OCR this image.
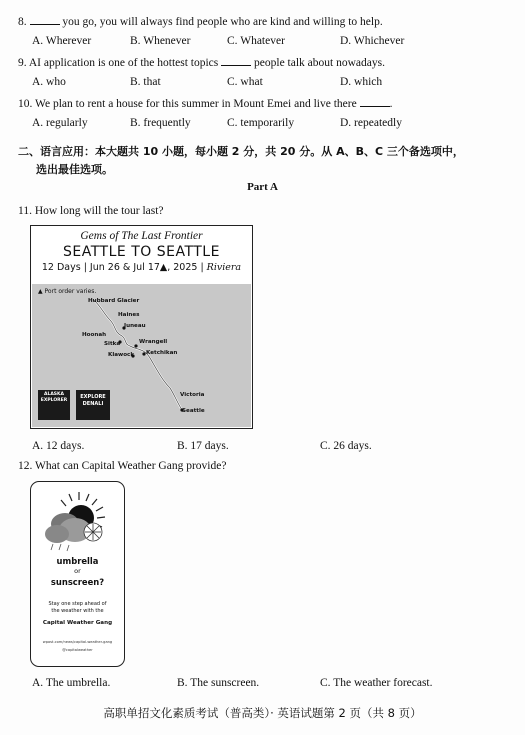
8.	you go, you will always find people who are kind and willing to help.
A. Wherever	B. Whenever	C. Whatever	D. Whichever
9. AI application is one of the hottest topics	people talk about nowadays.
A. who	B. that	C. what	D. which
10. We plan to rent a house for this summer in Mount Emei and live there	.
A. regularly	B. frequently	C. temporarily	D. repeatedly
二、语言应用：本大题共 10 小题，每小题 2 分，共 20 分。从 A、B、C 三个备选项中，
选出最佳选项。
Part A
11. How long will the tour last?
Gems of The Last Frontier
SEATTLE TO SEATTLE
12 Days | Jun 26 & Jul 17▲, 2025 | Riviera
▲ Port order varies.
Hubbard Glacier
Haines
Juneau
Hoonah
Sitka	Wrangell
Klawock Ketchikan
Victoria
Seattle
ALASKA EXPLORER
EXPLORE DENALI
A. 12 days.	B. 17 days.	C. 26 days.
12. What can Capital Weather Gang provide?
umbrella
or
sunscreen?
Stay one step ahead of the weather with the
Capital Weather Gang
wpost.com/news/capital-weather-gang
@capitalweather
A. The umbrella.	B. The sunscreen.	C. The weather forecast.
高职单招文化素质考试（普高类）· 英语试题第 2 页（共 8 页）
